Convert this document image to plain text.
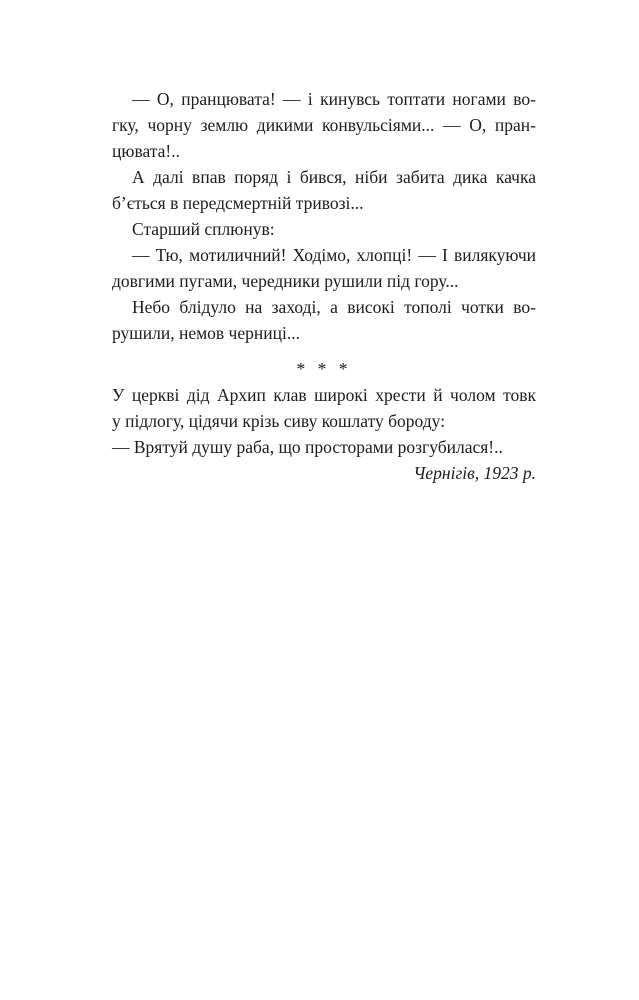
— О, пранцювата! — і кинувсь топтати ногами во-
гку, чорну землю дикими конвульсіями... — О, пран-
цювата!..
А далі впав поряд і бився, ніби забита дика качка
б’ється в передсмертній тривозі...
Старший сплюнув:
— Тю, мотиличний! Ходімо, хлопці! — І вилякуючи
довгими пугами, чередники рушили під гору...
Небо блідуло на заході, а високі тополі чотки во-
рушили, немов черниці...
* * *
У церкві дід Архип клав широкі хрести й чолом товк
у підлогу, цідячи крізь сиву кошлату бороду:
— Врятуй душу раба, що просторами розгубилася!..
Чернігів, 1923 р.
